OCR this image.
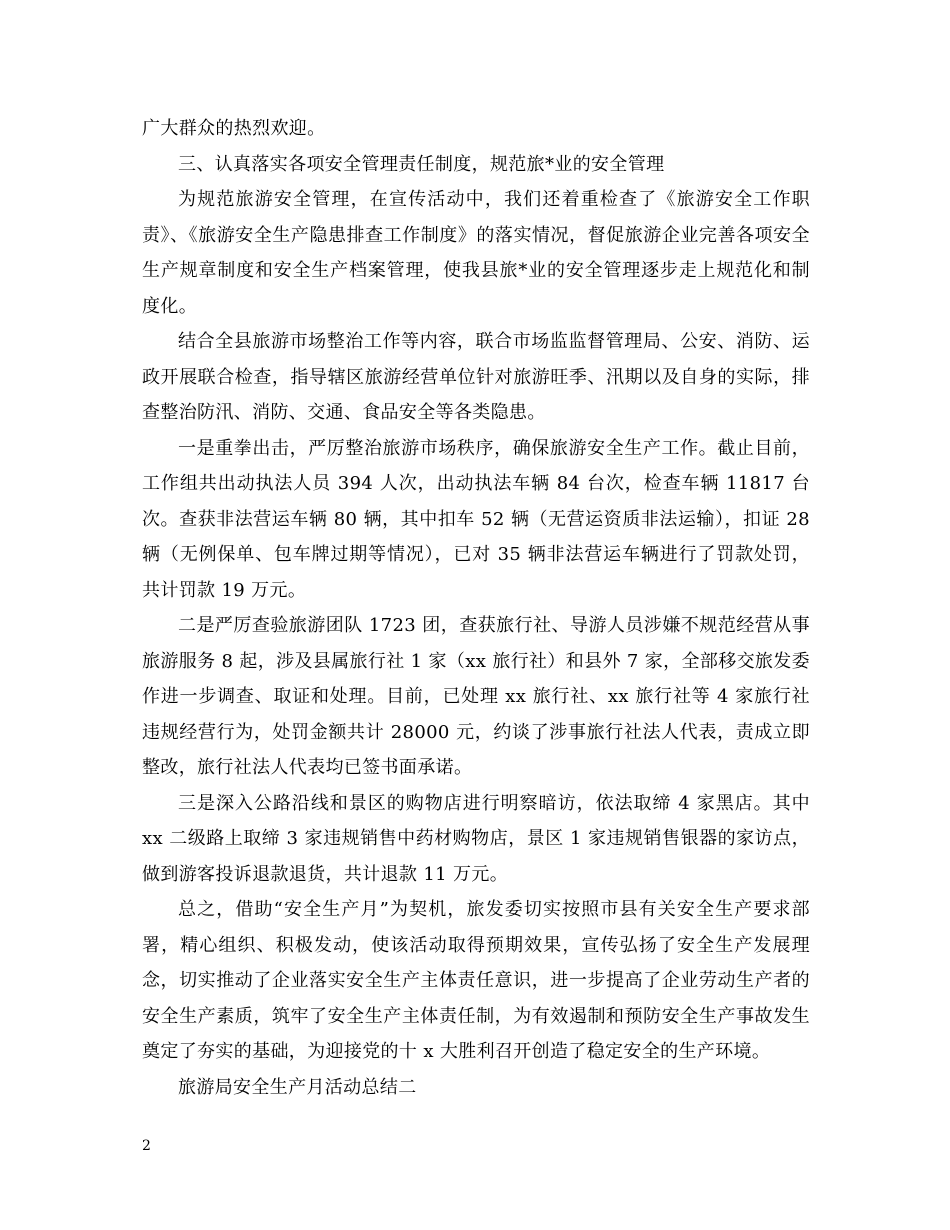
广大群众的热烈欢迎。

三、认真落实各项安全管理责任制度，规范旅*业的安全管理

为规范旅游安全管理，在宣传活动中，我们还着重检查了《旅游安全工作职责》、《旅游安全生产隐患排查工作制度》的落实情况，督促旅游企业完善各项安全生产规章制度和安全生产档案管理，使我县旅*业的安全管理逐步走上规范化和制度化。

结合全县旅游市场整治工作等内容，联合市场监监督管理局、公安、消防、运政开展联合检查，指导辖区旅游经营单位针对旅游旺季、汛期以及自身的实际，排查整治防汛、消防、交通、食品安全等各类隐患。

一是重拳出击，严厉整治旅游市场秩序，确保旅游安全生产工作。截止目前，工作组共出动执法人员 394 人次，出动执法车辆 84 台次，检查车辆 11817 台次。查获非法营运车辆 80 辆，其中扣车 52 辆（无营运资质非法运输），扣证 28 辆（无例保单、包车牌过期等情况），已对 35 辆非法营运车辆进行了罚款处罚，共计罚款 19 万元。

二是严厉查验旅游团队 1723 团，查获旅行社、导游人员涉嫌不规范经营从事旅游服务 8 起，涉及县属旅行社 1 家（xx 旅行社）和县外 7 家，全部移交旅发委作进一步调查、取证和处理。目前，已处理 xx 旅行社、xx 旅行社等 4 家旅行社违规经营行为，处罚金额共计 28000 元，约谈了涉事旅行社法人代表，责成立即整改，旅行社法人代表均已签书面承诺。

三是深入公路沿线和景区的购物店进行明察暗访，依法取缔 4 家黑店。其中 xx 二级路上取缔 3 家违规销售中药材购物店，景区 1 家违规销售银器的家访点，做到游客投诉退款退货，共计退款 11 万元。

总之，借助“安全生产月”为契机，旅发委切实按照市县有关安全生产要求部署，精心组织、积极发动，使该活动取得预期效果，宣传弘扬了安全生产发展理念，切实推动了企业落实安全生产主体责任意识，进一步提高了企业劳动生产者的安全生产素质，筑牢了安全生产主体责任制，为有效遏制和预防安全生产事故发生奠定了夯实的基础，为迎接党的十 x 大胜利召开创造了稳定安全的生产环境。

旅游局安全生产月活动总结二

2
